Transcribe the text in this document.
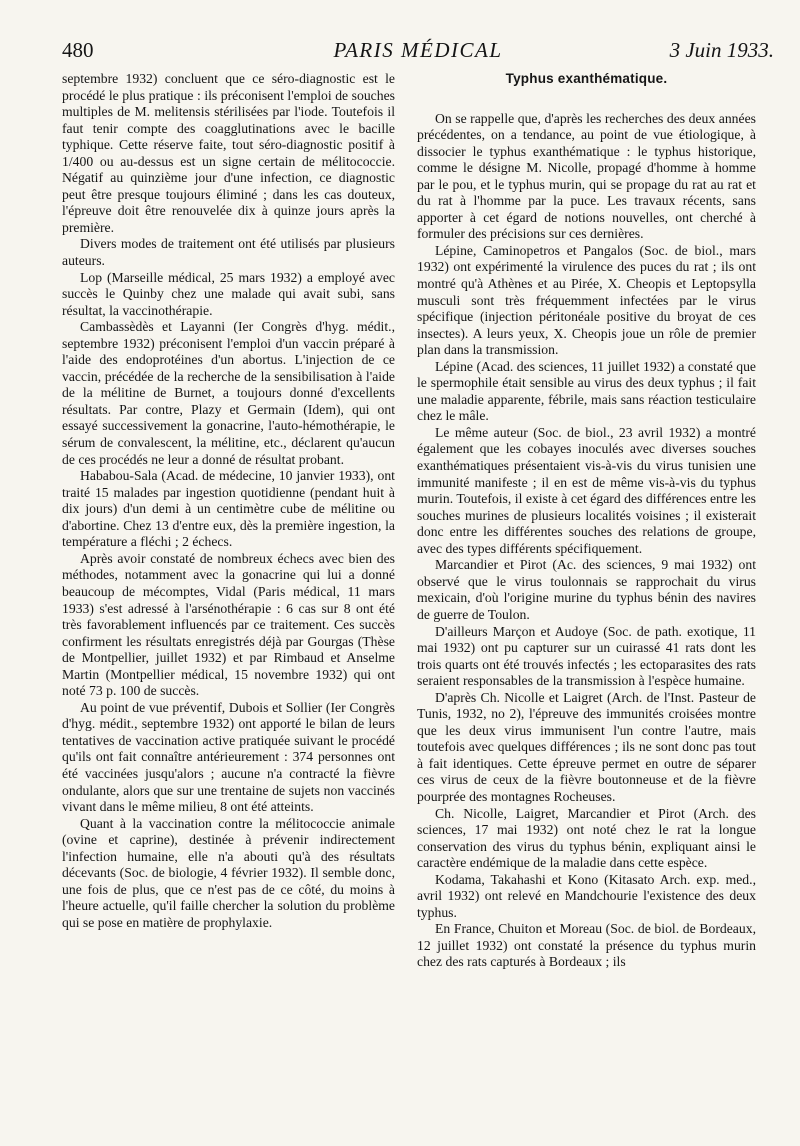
480	PARIS MÉDICAL	3 Juin 1933.

septembre 1932) concluent que ce séro-diagnostic est le procédé le plus pratique : ils préconisent l'emploi de souches multiples de M. melitensis stérilisées par l'iode. Toutefois il faut tenir compte des coagglutinations avec le bacille typhique. Cette réserve faite, tout séro-diagnostic positif à 1/400 ou au-dessus est un signe certain de mélitococcie. Négatif au quinzième jour d'une infection, ce diagnostic peut être presque toujours éliminé ; dans les cas douteux, l'épreuve doit être renouvelée dix à quinze jours après la première.

Divers modes de traitement ont été utilisés par plusieurs auteurs.

Lop (Marseille médical, 25 mars 1932) a employé avec succès le Quinby chez une malade qui avait subi, sans résultat, la vaccinothérapie.

Cambassèdès et Layanni (Ier Congrès d'hyg. médit., septembre 1932) préconisent l'emploi d'un vaccin préparé à l'aide des endoprotéines d'un abortus. L'injection de ce vaccin, précédée de la recherche de la sensibilisation à l'aide de la mélitine de Burnet, a toujours donné d'excellents résultats. Par contre, Plazy et Germain (Idem), qui ont essayé successivement la gonacrine, l'auto-hémothérapie, le sérum de convalescent, la mélitine, etc., déclarent qu'aucun de ces procédés ne leur a donné de résultat probant.

Hababou-Sala (Acad. de médecine, 10 janvier 1933), ont traité 15 malades par ingestion quotidienne (pendant huit à dix jours) d'un demi à un centimètre cube de mélitine ou d'abortine. Chez 13 d'entre eux, dès la première ingestion, la température a fléchi ; 2 échecs.

Après avoir constaté de nombreux échecs avec bien des méthodes, notamment avec la gonacrine qui lui a donné beaucoup de mécomptes, Vidal (Paris médical, 11 mars 1933) s'est adressé à l'arsénothérapie : 6 cas sur 8 ont été très favorablement influencés par ce traitement. Ces succès confirment les résultats enregistrés déjà par Gourgas (Thèse de Montpellier, juillet 1932) et par Rimbaud et Anselme Martin (Montpellier médical, 15 novembre 1932) qui ont noté 73 p. 100 de succès.

Au point de vue préventif, Dubois et Sollier (Ier Congrès d'hyg. médit., septembre 1932) ont apporté le bilan de leurs tentatives de vaccination active pratiquée suivant le procédé qu'ils ont fait connaître antérieurement : 374 personnes ont été vaccinées jusqu'alors ; aucune n'a contracté la fièvre ondulante, alors que sur une trentaine de sujets non vaccinés vivant dans le même milieu, 8 ont été atteints.

Quant à la vaccination contre la mélitococcie animale (ovine et caprine), destinée à prévenir indirectement l'infection humaine, elle n'a abouti qu'à des résultats décevants (Soc. de biologie, 4 février 1932). Il semble donc, une fois de plus, que ce n'est pas de ce côté, du moins à l'heure actuelle, qu'il faille chercher la solution du problème qui se pose en matière de prophylaxie.

Typhus exanthématique.

On se rappelle que, d'après les recherches des deux années précédentes, on a tendance, au point de vue étiologique, à dissocier le typhus exanthématique : le typhus historique, comme le désigne M. Nicolle, propagé d'homme à homme par le pou, et le typhus murin, qui se propage du rat au rat et du rat à l'homme par la puce. Les travaux récents, sans apporter à cet égard de notions nouvelles, ont cherché à formuler des précisions sur ces dernières.

Lépine, Caminopetros et Pangalos (Soc. de biol., mars 1932) ont expérimenté la virulence des puces du rat ; ils ont montré qu'à Athènes et au Pirée, X. Cheopis et Leptopsylla musculi sont très fréquemment infectées par le virus spécifique (injection péritonéale positive du broyat de ces insectes). A leurs yeux, X. Cheopis joue un rôle de premier plan dans la transmission.

Lépine (Acad. des sciences, 11 juillet 1932) a constaté que le spermophile était sensible au virus des deux typhus ; il fait une maladie apparente, fébrile, mais sans réaction testiculaire chez le mâle.

Le même auteur (Soc. de biol., 23 avril 1932) a montré également que les cobayes inoculés avec diverses souches exanthématiques présentaient vis-à-vis du virus tunisien une immunité manifeste ; il en est de même vis-à-vis du typhus murin. Toutefois, il existe à cet égard des différences entre les souches murines de plusieurs localités voisines ; il existerait donc entre les différentes souches des relations de groupe, avec des types différents spécifiquement.

Marcandier et Pirot (Ac. des sciences, 9 mai 1932) ont observé que le virus toulonnais se rapprochait du virus mexicain, d'où l'origine murine du typhus bénin des navires de guerre de Toulon.

D'ailleurs Marçon et Audoye (Soc. de path. exotique, 11 mai 1932) ont pu capturer sur un cuirassé 41 rats dont les trois quarts ont été trouvés infectés ; les ectoparasites des rats seraient responsables de la transmission à l'espèce humaine.

D'après Ch. Nicolle et Laigret (Arch. de l'Inst. Pasteur de Tunis, 1932, no 2), l'épreuve des immunités croisées montre que les deux virus immunisent l'un contre l'autre, mais toutefois avec quelques différences ; ils ne sont donc pas tout à fait identiques. Cette épreuve permet en outre de séparer ces virus de ceux de la fièvre boutonneuse et de la fièvre pourprée des montagnes Rocheuses.

Ch. Nicolle, Laigret, Marcandier et Pirot (Arch. des sciences, 17 mai 1932) ont noté chez le rat la longue conservation des virus du typhus bénin, expliquant ainsi le caractère endémique de la maladie dans cette espèce.

Kodama, Takahashi et Kono (Kitasato Arch. exp. med., avril 1932) ont relevé en Mandchourie l'existence des deux typhus.

En France, Chuiton et Moreau (Soc. de biol. de Bordeaux, 12 juillet 1932) ont constaté la présence du typhus murin chez des rats capturés à Bordeaux ; ils
